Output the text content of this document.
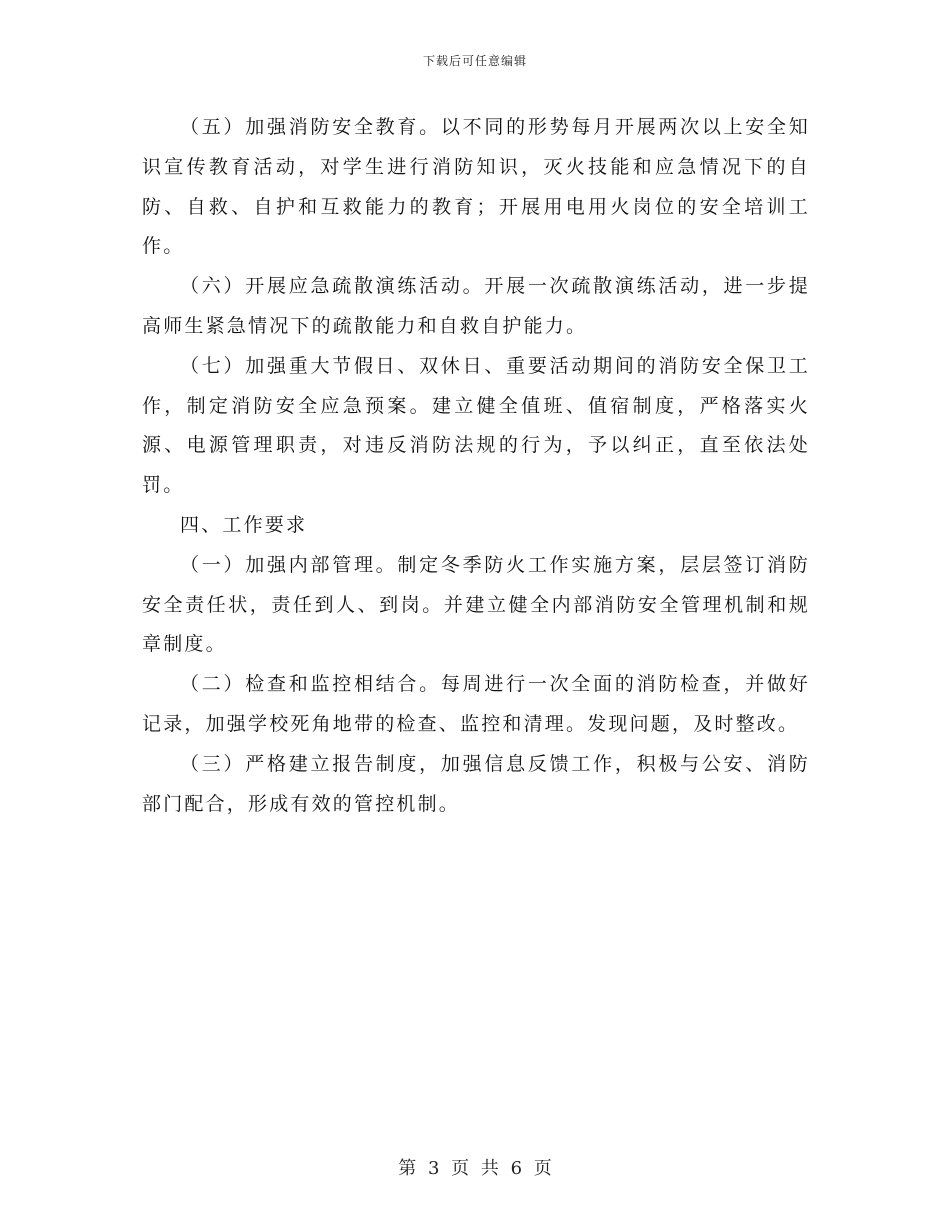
下载后可任意编辑

（五）加强消防安全教育。以不同的形势每月开展两次以上安全知识宣传教育活动，对学生进行消防知识，灭火技能和应急情况下的自防、自救、自护和互救能力的教育；开展用电用火岗位的安全培训工作。

（六）开展应急疏散演练活动。开展一次疏散演练活动，进一步提高师生紧急情况下的疏散能力和自救自护能力。

（七）加强重大节假日、双休日、重要活动期间的消防安全保卫工作，制定消防安全应急预案。建立健全值班、值宿制度，严格落实火源、电源管理职责，对违反消防法规的行为，予以纠正，直至依法处罚。

四、工作要求

（一）加强内部管理。制定冬季防火工作实施方案，层层签订消防安全责任状，责任到人、到岗。并建立健全内部消防安全管理机制和规章制度。

（二）检查和监控相结合。每周进行一次全面的消防检查，并做好记录，加强学校死角地带的检查、监控和清理。发现问题，及时整改。

（三）严格建立报告制度，加强信息反馈工作，积极与公安、消防部门配合，形成有效的管控机制。

第 3 页 共 6 页
